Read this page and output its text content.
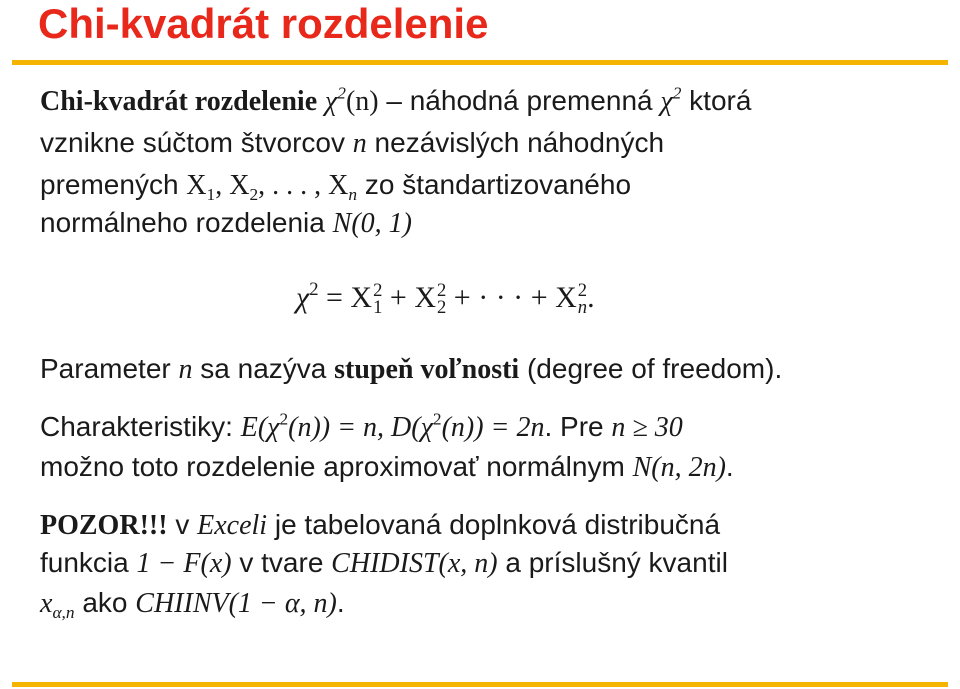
Chi-kvadrát rozdelenie
Chi-kvadrát rozdelenie $\chi^2(n)$ – náhodná premenná $\chi^2$ ktorá
vznikne súčtom štvorcov n nezávislých náhodných
premených $X_1$, $X_2$, . . . , $X_n$ zo štandartizovaného
normálneho rozdelenia N(0, 1)
$\chi^2 = X$ 2
1 + X 2
2 + · · · + X 2
n .
Parameter n sa nazýva stupeň voľnosti (degree of freedom).
Charakteristiky: $E(\chi^2(n)) = n$, $D(\chi^2(n)) = 2n$. Pre n ≥ 30
možno toto rozdelenie aproximovať normálnym N(n, 2n).
POZOR!!! v Exceli je tabelovaná doplnková distribučná
funkcia 1 − F(x) v tvare CHIDIST(x, n) a príslušný kvantil
$x_{\alpha,n}$ ako CHIINV(1 − α, n).
